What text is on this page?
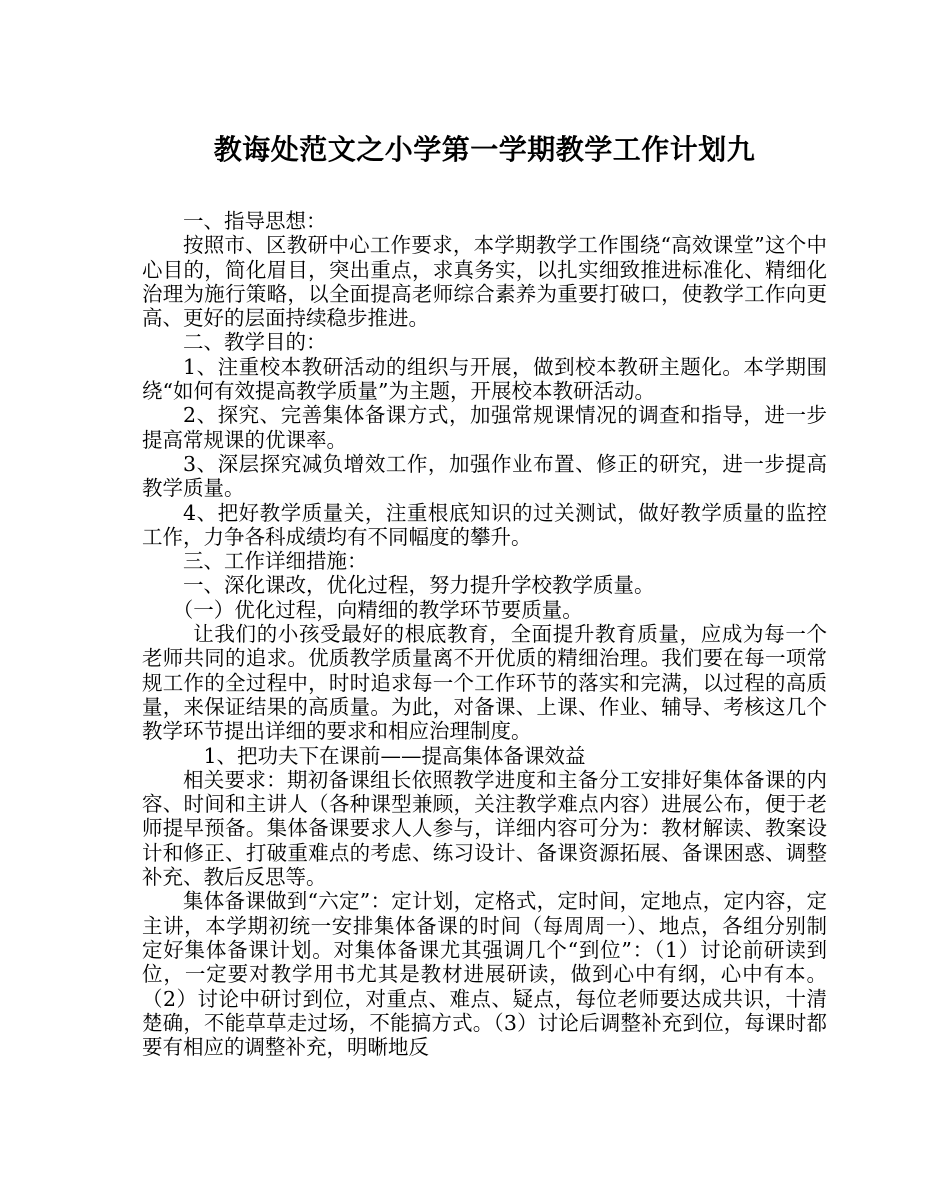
教诲处范文之小学第一学期教学工作计划九

一、指导思想：

按照市、区教研中心工作要求，本学期教学工作围绕“高效课堂”这个中心目的，简化眉目，突出重点，求真务实，以扎实细致推进标准化、精细化治理为施行策略，以全面提高老师综合素养为重要打破口，使教学工作向更高、更好的层面持续稳步推进。

二、教学目的：

1、注重校本教研活动的组织与开展，做到校本教研主题化。本学期围绕“如何有效提高教学质量”为主题，开展校本教研活动。

2、探究、完善集体备课方式，加强常规课情况的调查和指导，进一步提高常规课的优课率。

3、深层探究减负增效工作，加强作业布置、修正的研究，进一步提高教学质量。

4、把好教学质量关，注重根底知识的过关测试，做好教学质量的监控工作，力争各科成绩均有不同幅度的攀升。

三、工作详细措施：

一、深化课改，优化过程，努力提升学校教学质量。

（一）优化过程，向精细的教学环节要质量。

让我们的小孩受最好的根底教育，全面提升教育质量，应成为每一个老师共同的追求。优质教学质量离不开优质的精细治理。我们要在每一项常规工作的全过程中，时时追求每一个工作环节的落实和完满，以过程的高质量，来保证结果的高质量。为此，对备课、上课、作业、辅导、考核这几个教学环节提出详细的要求和相应治理制度。

1、把功夫下在课前——提高集体备课效益

相关要求：期初备课组长依照教学进度和主备分工安排好集体备课的内容、时间和主讲人（各种课型兼顾，关注教学难点内容）进展公布，便于老师提早预备。集体备课要求人人参与，详细内容可分为：教材解读、教案设计和修正、打破重难点的考虑、练习设计、备课资源拓展、备课困惑、调整补充、教后反思等。

集体备课做到“六定”：定计划，定格式，定时间，定地点，定内容，定主讲，本学期初统一安排集体备课的时间（每周周一）、地点，各组分别制定好集体备课计划。对集体备课尤其强调几个“到位”：（1）讨论前研读到位，一定要对教学用书尤其是教材进展研读，做到心中有纲，心中有本。（2）讨论中研讨到位，对重点、难点、疑点，每位老师要达成共识，十清楚确，不能草草走过场，不能搞方式。（3）讨论后调整补充到位，每课时都要有相应的调整补充，明晰地反
